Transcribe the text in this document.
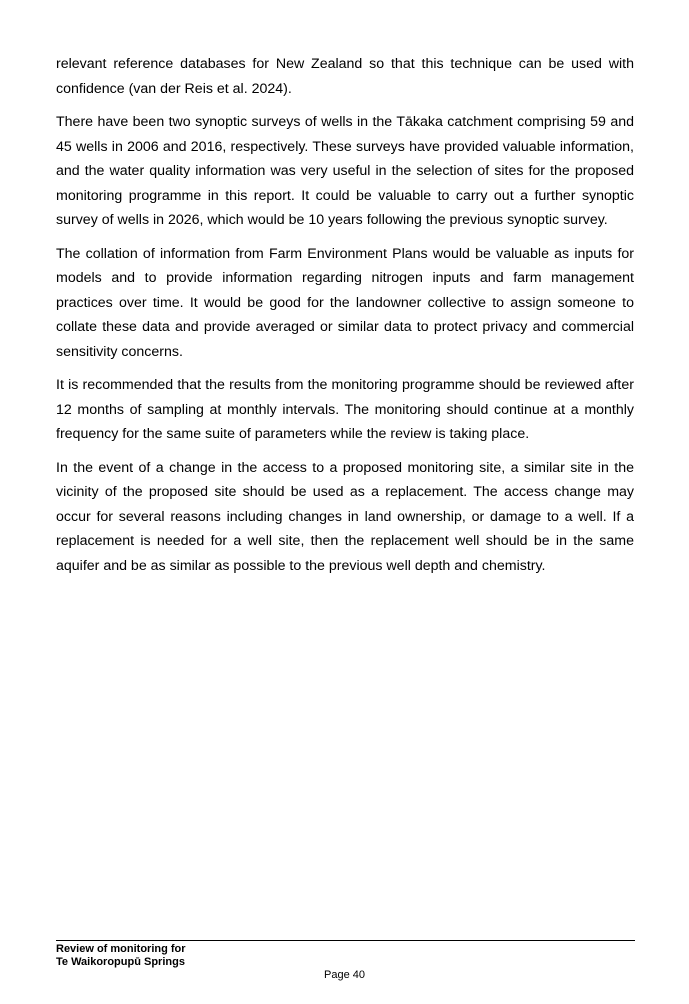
relevant reference databases for New Zealand so that this technique can be used with confidence (van der Reis et al. 2024).

There have been two synoptic surveys of wells in the Tākaka catchment comprising 59 and 45 wells in 2006 and 2016, respectively. These surveys have provided valuable information, and the water quality information was very useful in the selection of sites for the proposed monitoring programme in this report. It could be valuable to carry out a further synoptic survey of wells in 2026, which would be 10 years following the previous synoptic survey.

The collation of information from Farm Environment Plans would be valuable as inputs for models and to provide information regarding nitrogen inputs and farm management practices over time. It would be good for the landowner collective to assign someone to collate these data and provide averaged or similar data to protect privacy and commercial sensitivity concerns.

It is recommended that the results from the monitoring programme should be reviewed after 12 months of sampling at monthly intervals. The monitoring should continue at a monthly frequency for the same suite of parameters while the review is taking place.

In the event of a change in the access to a proposed monitoring site, a similar site in the vicinity of the proposed site should be used as a replacement. The access change may occur for several reasons including changes in land ownership, or damage to a well. If a replacement is needed for a well site, then the replacement well should be in the same aquifer and be as similar as possible to the previous well depth and chemistry.

Review of monitoring for
Te Waikoropupū Springs
Page 40
